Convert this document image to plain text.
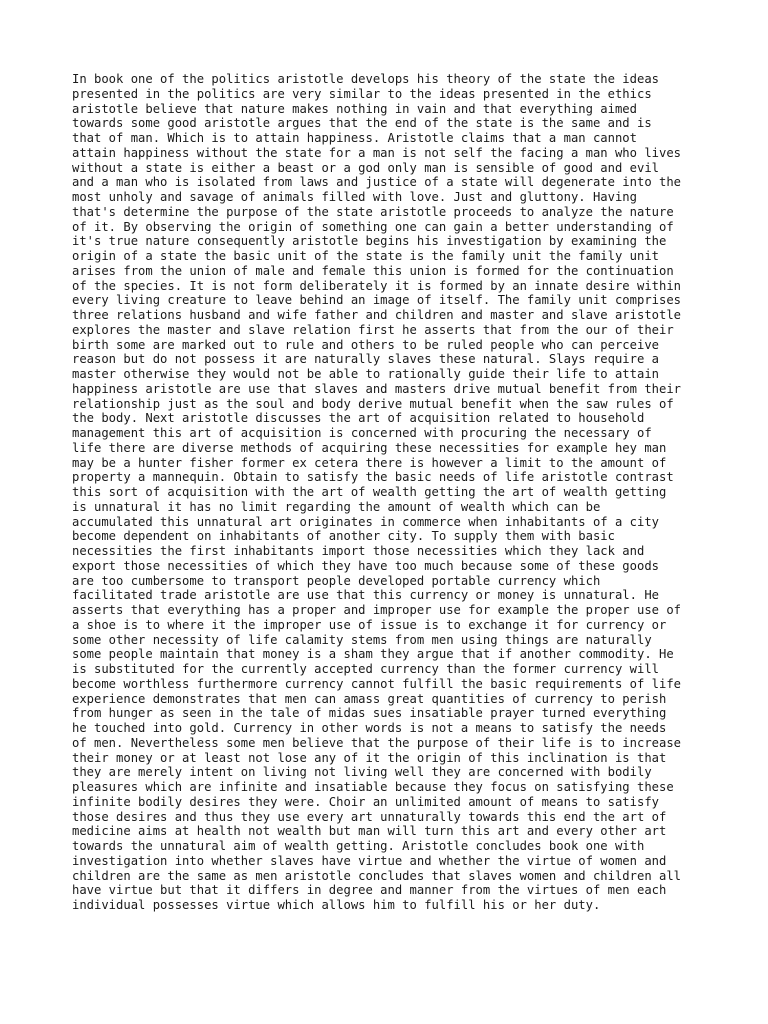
In book one of the politics aristotle develops his theory of the state the ideas
presented in the politics are very similar to the ideas presented in the ethics
aristotle believe that nature makes nothing in vain and that everything aimed
towards some good aristotle argues that the end of the state is the same and is
that of man. Which is to attain happiness. Aristotle claims that a man cannot
attain happiness without the state for a man is not self the facing a man who lives
without a state is either a beast or a god only man is sensible of good and evil
and a man who is isolated from laws and justice of a state will degenerate into the
most unholy and savage of animals filled with love. Just and gluttony. Having
that's determine the purpose of the state aristotle proceeds to analyze the nature
of it. By observing the origin of something one can gain a better understanding of
it's true nature consequently aristotle begins his investigation by examining the
origin of a state the basic unit of the state is the family unit the family unit
arises from the union of male and female this union is formed for the continuation
of the species. It is not form deliberately it is formed by an innate desire within
every living creature to leave behind an image of itself. The family unit comprises
three relations husband and wife father and children and master and slave aristotle
explores the master and slave relation first he asserts that from the our of their
birth some are marked out to rule and others to be ruled people who can perceive
reason but do not possess it are naturally slaves these natural. Slays require a
master otherwise they would not be able to rationally guide their life to attain
happiness aristotle are use that slaves and masters drive mutual benefit from their
relationship just as the soul and body derive mutual benefit when the saw rules of
the body. Next aristotle discusses the art of acquisition related to household
management this art of acquisition is concerned with procuring the necessary of
life there are diverse methods of acquiring these necessities for example hey man
may be a hunter fisher former ex cetera there is however a limit to the amount of
property a mannequin. Obtain to satisfy the basic needs of life aristotle contrast
this sort of acquisition with the art of wealth getting the art of wealth getting
is unnatural it has no limit regarding the amount of wealth which can be
accumulated this unnatural art originates in commerce when inhabitants of a city
become dependent on inhabitants of another city. To supply them with basic
necessities the first inhabitants import those necessities which they lack and
export those necessities of which they have too much because some of these goods
are too cumbersome to transport people developed portable currency which
facilitated trade aristotle are use that this currency or money is unnatural. He
asserts that everything has a proper and improper use for example the proper use of
a shoe is to where it the improper use of issue is to exchange it for currency or
some other necessity of life calamity stems from men using things are naturally
some people maintain that money is a sham they argue that if another commodity. He
is substituted for the currently accepted currency than the former currency will
become worthless furthermore currency cannot fulfill the basic requirements of life
experience demonstrates that men can amass great quantities of currency to perish
from hunger as seen in the tale of midas sues insatiable prayer turned everything
he touched into gold. Currency in other words is not a means to satisfy the needs
of men. Nevertheless some men believe that the purpose of their life is to increase
their money or at least not lose any of it the origin of this inclination is that
they are merely intent on living not living well they are concerned with bodily
pleasures which are infinite and insatiable because they focus on satisfying these
infinite bodily desires they were. Choir an unlimited amount of means to satisfy
those desires and thus they use every art unnaturally towards this end the art of
medicine aims at health not wealth but man will turn this art and every other art
towards the unnatural aim of wealth getting. Aristotle concludes book one with
investigation into whether slaves have virtue and whether the virtue of women and
children are the same as men aristotle concludes that slaves women and children all
have virtue but that it differs in degree and manner from the virtues of men each
individual possesses virtue which allows him to fulfill his or her duty.
